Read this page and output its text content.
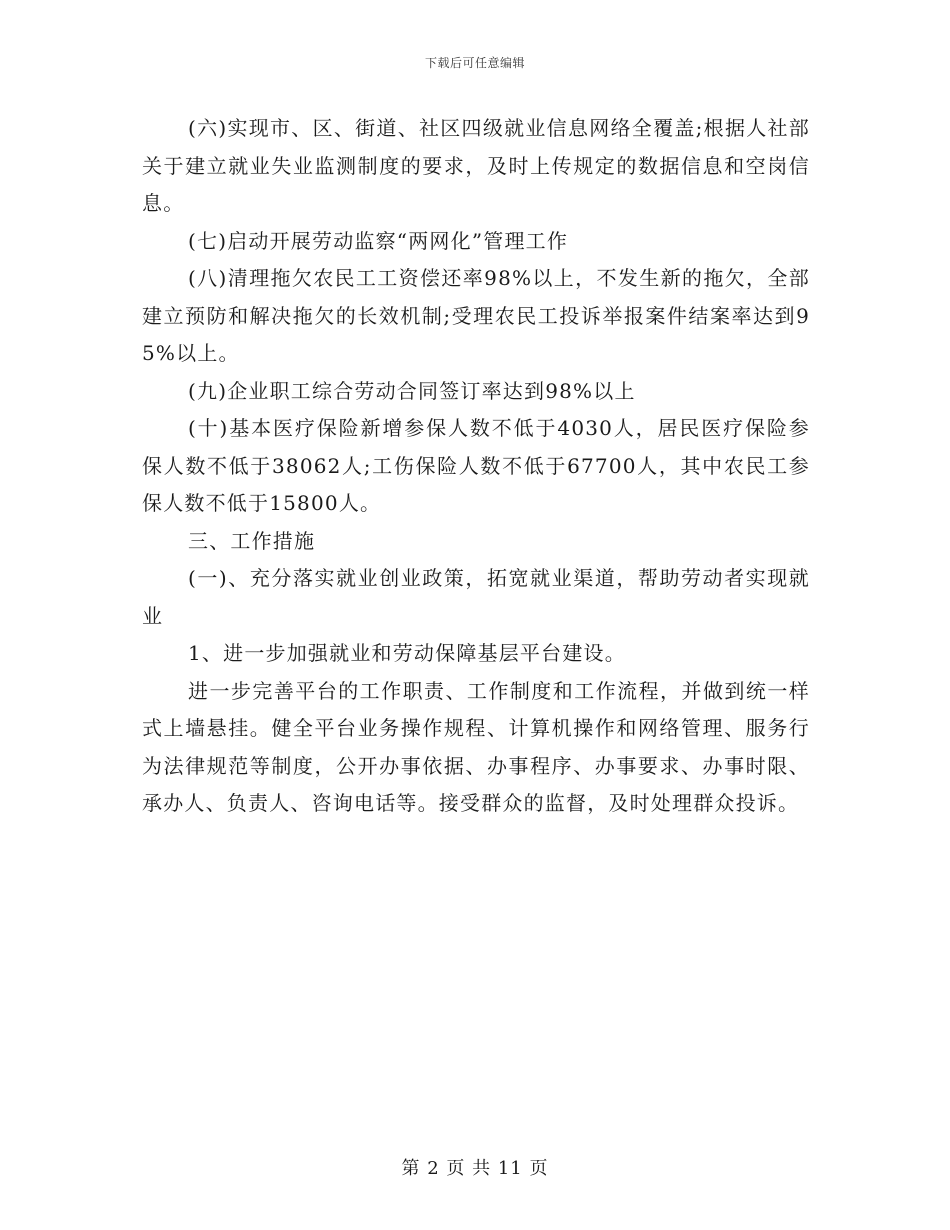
下载后可任意编辑

(六)实现市、区、街道、社区四级就业信息网络全覆盖;根据人社部关于建立就业失业监测制度的要求，及时上传规定的数据信息和空岗信息。

(七)启动开展劳动监察“两网化”管理工作

(八)清理拖欠农民工工资偿还率98%以上，不发生新的拖欠，全部建立预防和解决拖欠的长效机制;受理农民工投诉举报案件结案率达到95%以上。

(九)企业职工综合劳动合同签订率达到98%以上

(十)基本医疗保险新增参保人数不低于4030人，居民医疗保险参保人数不低于38062人;工伤保险人数不低于67700人，其中农民工参保人数不低于15800人。

三、工作措施

(一)、充分落实就业创业政策，拓宽就业渠道，帮助劳动者实现就业

1、进一步加强就业和劳动保障基层平台建设。

进一步完善平台的工作职责、工作制度和工作流程，并做到统一样式上墙悬挂。健全平台业务操作规程、计算机操作和网络管理、服务行为法律规范等制度，公开办事依据、办事程序、办事要求、办事时限、承办人、负责人、咨询电话等。接受群众的监督，及时处理群众投诉。

第 2 页 共 11 页
